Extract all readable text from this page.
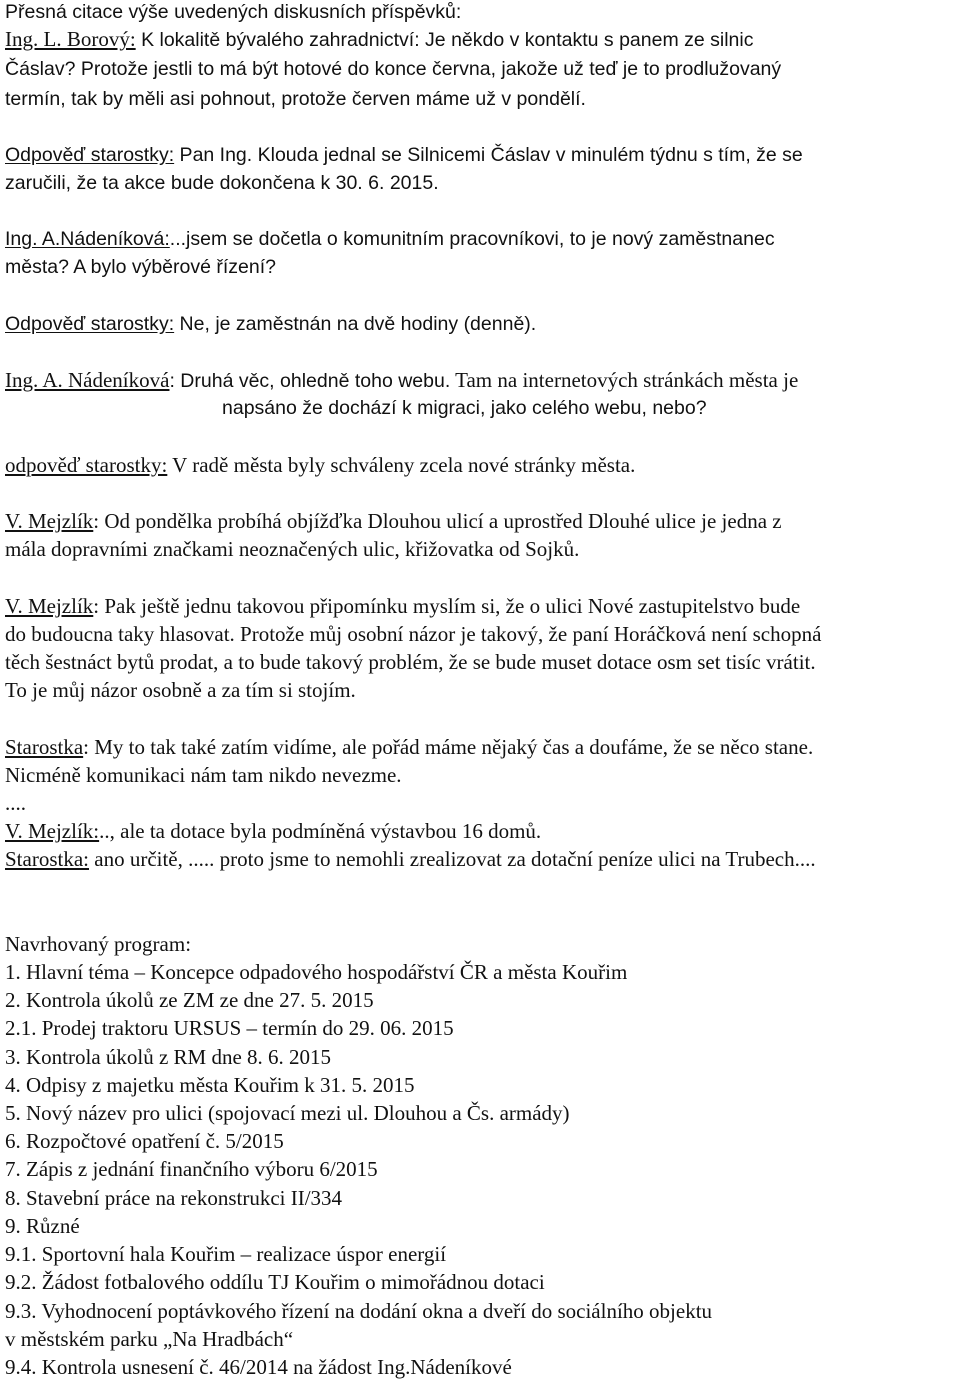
Přesná citace výše uvedených diskusních příspěvků:
Ing. L. Borový: K lokalitě bývalého zahradnictví: Je někdo v kontaktu s panem ze silnic
Čáslav? Protože jestli to má být hotové do konce června, jakože už teď je to prodlužovaný
termín, tak by měli asi pohnout, protože červen máme už v pondělí.
Odpověď starostky: Pan Ing. Klouda jednal se Silnicemi Čáslav v minulém týdnu s tím, že se
zaručili, že ta akce bude dokončena k 30. 6. 2015.
Ing. A.Nádeníková:...jsem se dočetla o komunitním pracovníkovi, to je nový zaměstnanec
města? A bylo výběrové řízení?
Odpověď starostky: Ne, je zaměstnán na dvě hodiny (denně).
Ing. A. Nádeníková: Druhá věc, ohledně toho webu. Tam na internetových stránkách města je
napsáno že dochází k migraci, jako celého webu, nebo?
odpověď starostky: V radě města byly schváleny zcela nové stránky města.
V. Mejzlík: Od pondělka probíhá objížďka Dlouhou ulicí a uprostřed Dlouhé ulice je jedna z
mála dopravními značkami neoznačených ulic, křižovatka od Sojků.
V. Mejzlík: Pak ještě jednu takovou připomínku myslím si, že o ulici Nové zastupitelstvo bude
do budoucna taky hlasovat. Protože můj osobní názor je takový, že paní Horáčková není schopná
těch šestnáct bytů prodat, a to bude takový problém, že se bude muset dotace osm set tisíc vrátit.
To je můj názor osobně a za tím si stojím.
Starostka: My to tak také zatím vidíme, ale pořád máme nějaký čas a doufáme, že se něco stane.
Nicméně komunikaci nám tam nikdo nevezme.
....
V. Mejzlík:.., ale ta dotace byla podmíněná výstavbou 16 domů.
Starostka: ano určitě, ..... proto jsme to nemohli zrealizovat za dotační peníze ulici na Trubech....
Navrhovaný program:
1. Hlavní téma – Koncepce odpadového hospodářství ČR a města Kouřim
2. Kontrola úkolů ze ZM ze dne 27. 5. 2015
2.1. Prodej traktoru URSUS – termín do 29. 06. 2015
3. Kontrola úkolů z RM dne 8. 6. 2015
4. Odpisy z majetku města Kouřim k 31. 5. 2015
5. Nový název pro ulici (spojovací mezi ul. Dlouhou a Čs. armády)
6. Rozpočtové opatření č. 5/2015
7. Zápis z jednání finančního výboru 6/2015
8. Stavební práce na rekonstrukci II/334
9. Různé
9.1. Sportovní hala Kouřim – realizace úspor energií
9.2. Žádost fotbalového oddílu TJ Kouřim o mimořádnou dotaci
9.3. Vyhodnocení poptávkového řízení na dodání okna a dveří do sociálního objektu
v městském parku „Na Hradbách“
9.4. Kontrola usnesení č. 46/2014 na žádost Ing.Nádeníkové
